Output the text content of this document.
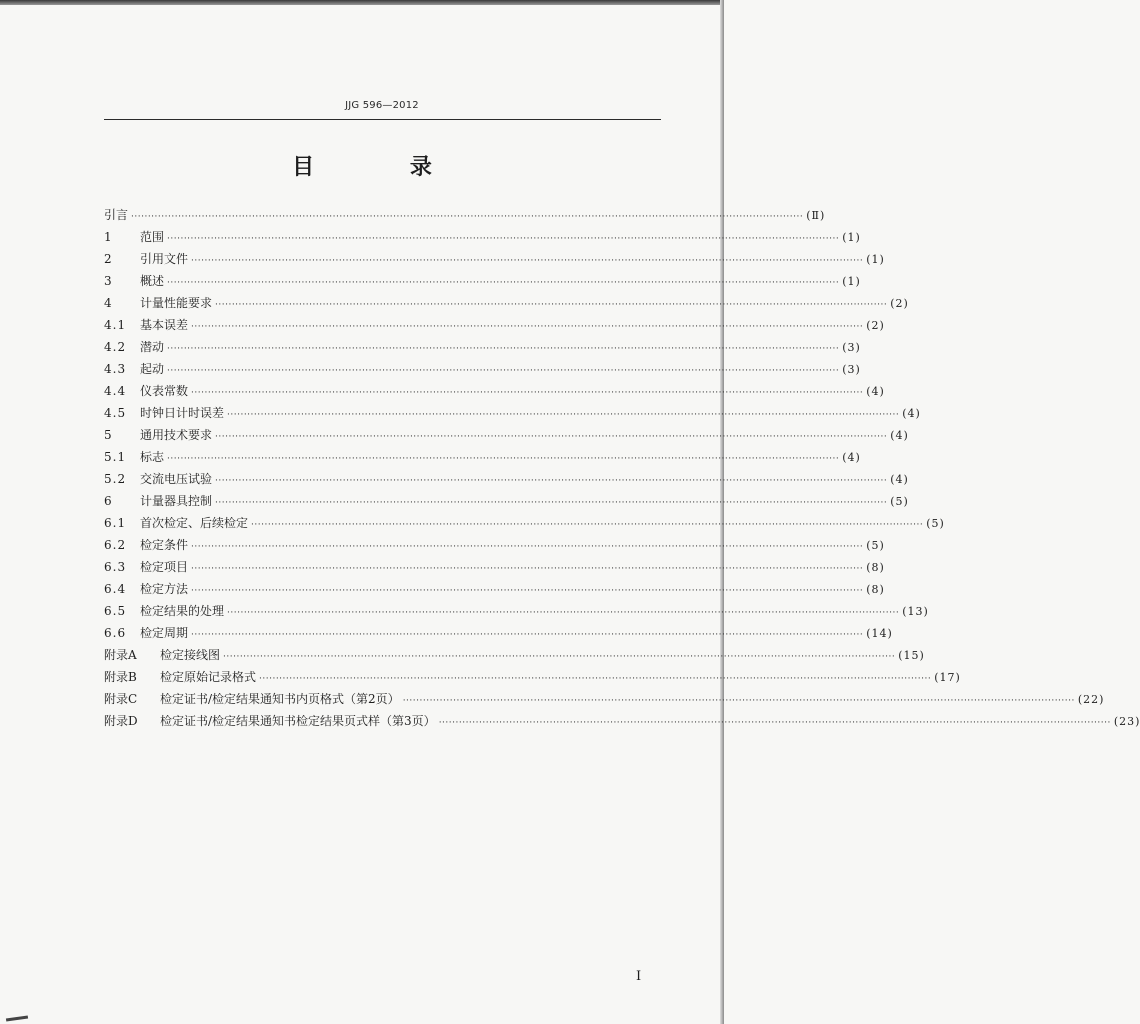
JJG 596—2012
目 录
引言 ········································································································································································································ (Ⅱ)
1	范围 ········································································································································································································ (1)
2	引用文件 ········································································································································································································ (1)
3	概述 ········································································································································································································ (1)
4	计量性能要求 ········································································································································································································ (2)
4.1	基本误差 ········································································································································································································ (2)
4.2	潜动 ········································································································································································································ (3)
4.3	起动 ········································································································································································································ (3)
4.4	仪表常数 ········································································································································································································ (4)
4.5	时钟日计时误差 ········································································································································································································ (4)
5	通用技术要求 ········································································································································································································ (4)
5.1	标志 ········································································································································································································ (4)
5.2	交流电压试验 ········································································································································································································ (4)
6	计量器具控制 ········································································································································································································ (5)
6.1	首次检定、后续检定 ········································································································································································································ (5)
6.2	检定条件 ········································································································································································································ (5)
6.3	检定项目 ········································································································································································································ (8)
6.4	检定方法 ········································································································································································································ (8)
6.5	检定结果的处理 ········································································································································································································ (13)
6.6	检定周期 ········································································································································································································ (14)
附录A	检定接线图 ········································································································································································································ (15)
附录B	检定原始记录格式 ········································································································································································································ (17)
附录C	检定证书/检定结果通知书内页格式（第2页） ········································································································································································································ (22)
附录D	检定证书/检定结果通知书检定结果页式样（第3页） ········································································································································································································ (23)
I
